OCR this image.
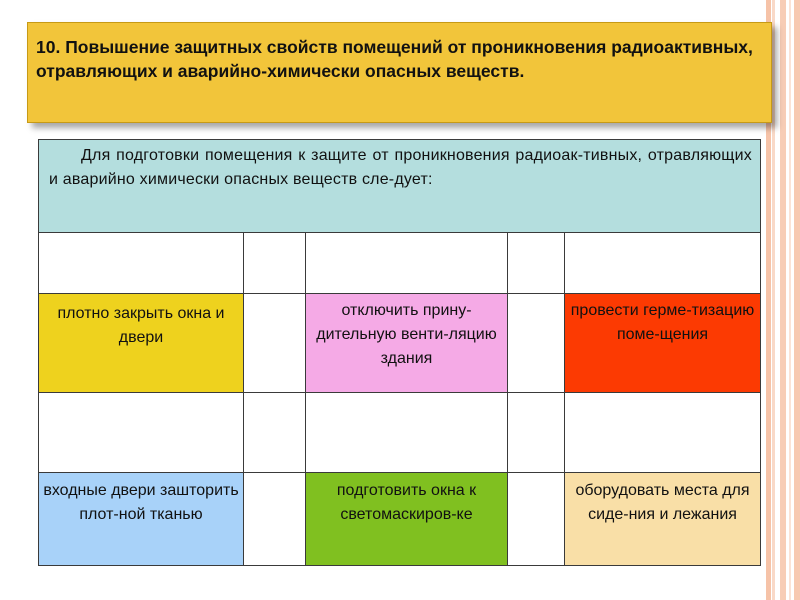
10. Повышение защитных свойств помещений от проникновения радиоактивных, отравляющих и аварийно-химически опасных веществ.

Для подготовки помещения к защите от проникновения радиоак-тивных, отравляющих и аварийно химически опасных веществ сле-дует:				

плотно закрыть окна и двери		отключить прину-дительную венти-ляцию здания		провести герме-тизацию поме-щения

входные двери зашторить плот-ной тканью		подготовить окна к светомаскиров-ке		оборудовать места для сиде-ния и лежания
